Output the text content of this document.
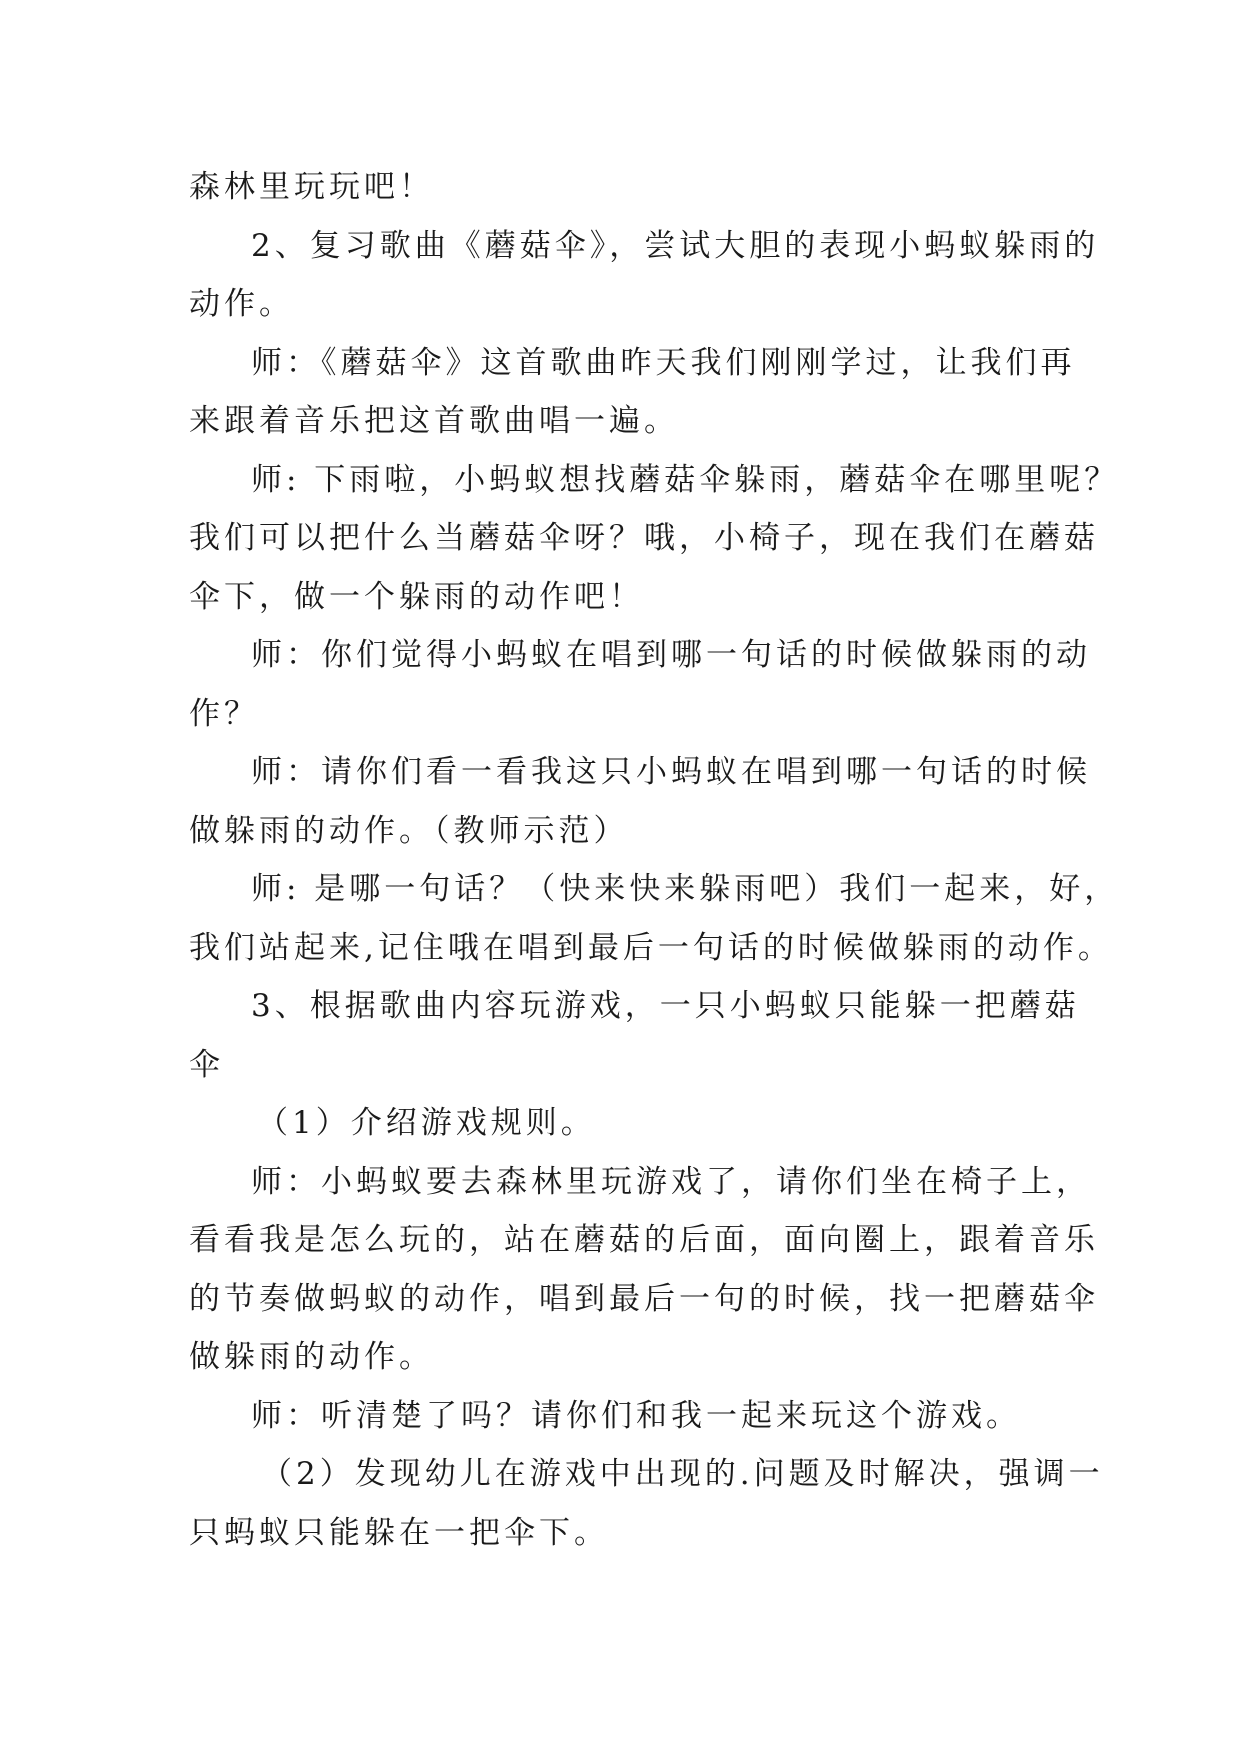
森林里玩玩吧！

2、复习歌曲《蘑菇伞》，尝试大胆的表现小蚂蚁躲雨的

动作。

师：《蘑菇伞》这首歌曲昨天我们刚刚学过，让我们再

来跟着音乐把这首歌曲唱一遍。

师: 下雨啦，小蚂蚁想找蘑菇伞躲雨，蘑菇伞在哪里呢？

我们可以把什么当蘑菇伞呀？哦，小椅子，现在我们在蘑菇

伞下，做一个躲雨的动作吧！

师：你们觉得小蚂蚁在唱到哪一句话的时候做躲雨的动

作？

师：请你们看一看我这只小蚂蚁在唱到哪一句话的时候

做躲雨的动作。（教师示范）

师: 是哪一句话？（快来快来躲雨吧）我们一起来，好，

我们站起来,记住哦在唱到最后一句话的时候做躲雨的动作。

3、根据歌曲内容玩游戏，一只小蚂蚁只能躲一把蘑菇

伞

（1）介绍游戏规则。

师：小蚂蚁要去森林里玩游戏了，请你们坐在椅子上，

看看我是怎么玩的，站在蘑菇的后面，面向圈上，跟着音乐

的节奏做蚂蚁的动作，唱到最后一句的时候，找一把蘑菇伞

做躲雨的动作。

师：听清楚了吗？请你们和我一起来玩这个游戏。

（2）发现幼儿在游戏中出现的.问题及时解决，强调一

只蚂蚁只能躲在一把伞下。
